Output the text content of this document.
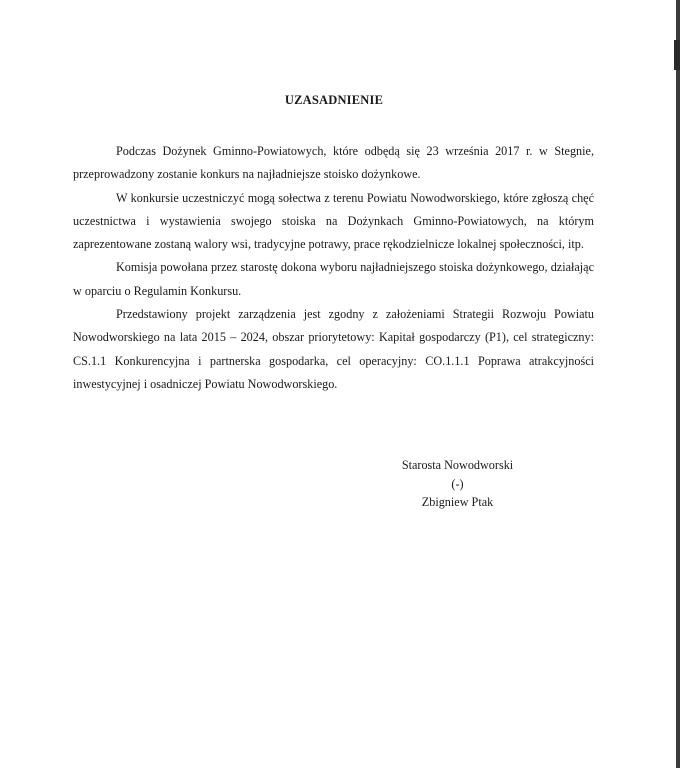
UZASADNIENIE

Podczas Dożynek Gminno-Powiatowych, które odbędą się 23 września 2017 r. w Stegnie, przeprowadzony zostanie konkurs na najładniejsze stoisko dożynkowe.

W konkursie uczestniczyć mogą sołectwa z terenu Powiatu Nowodworskiego, które zgłoszą chęć uczestnictwa i wystawienia swojego stoiska na Dożynkach Gminno-Powiatowych, na którym zaprezentowane zostaną walory wsi, tradycyjne potrawy, prace rękodzielnicze lokalnej społeczności, itp.

Komisja powołana przez starostę dokona wyboru najładniejszego stoiska dożynkowego, działając w oparciu o Regulamin Konkursu.

Przedstawiony projekt zarządzenia jest zgodny z założeniami Strategii Rozwoju Powiatu Nowodworskiego na lata 2015 – 2024, obszar priorytetowy: Kapitał gospodarczy (P1), cel strategiczny: CS.1.1 Konkurencyjna i partnerska gospodarka, cel operacyjny: CO.1.1.1 Poprawa atrakcyjności inwestycyjnej i osadniczej Powiatu Nowodworskiego.

Starosta Nowodworski
(-)
Zbigniew Ptak
